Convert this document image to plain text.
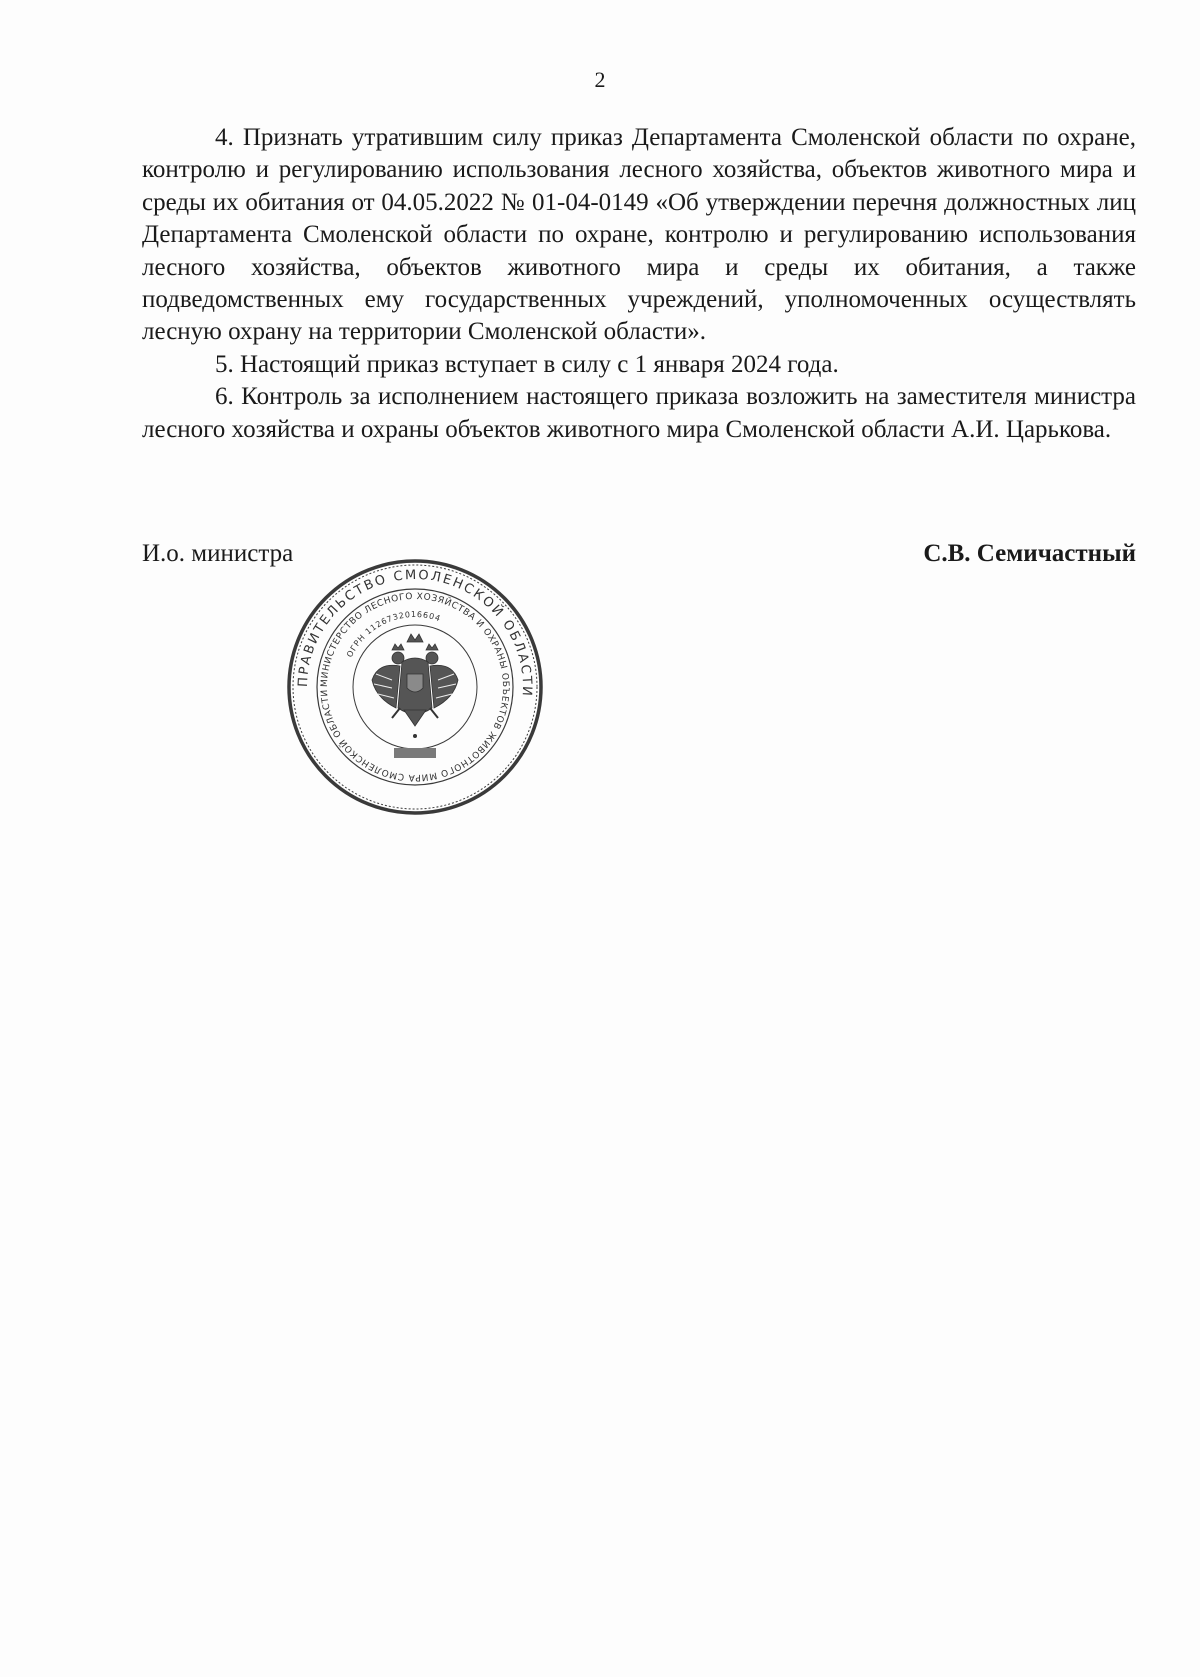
2

4. Признать утратившим силу приказ Департамента Смоленской области по охране, контролю и регулированию использования лесного хозяйства, объектов животного мира и среды их обитания от 04.05.2022 № 01-04-0149 «Об утверждении перечня должностных лиц Департамента Смоленской области по охране, контролю и регулированию использования лесного хозяйства, объектов животного мира и среды их обитания, а также подведомственных ему государственных учреждений, уполномоченных осуществлять лесную охрану на территории Смоленской области».

5. Настоящий приказ вступает в силу с 1 января 2024 года.

6. Контроль за исполнением настоящего приказа возложить на заместителя министра лесного хозяйства и охраны объектов животного мира Смоленской области А.И. Царькова.

И.о. министра	С.В. Семичастный
ПРАВИТЕЛЬСТВО СМОЛЕНСКОЙ ОБЛАСТИ
МИНИСТЕРСТВО ЛЕСНОГО ХОЗЯЙСТВА И ОХРАНЫ ОБЪЕКТОВ ЖИВОТНОГО МИРА СМОЛЕНСКОЙ ОБЛАСТИ
ОГРН 1126732016604
